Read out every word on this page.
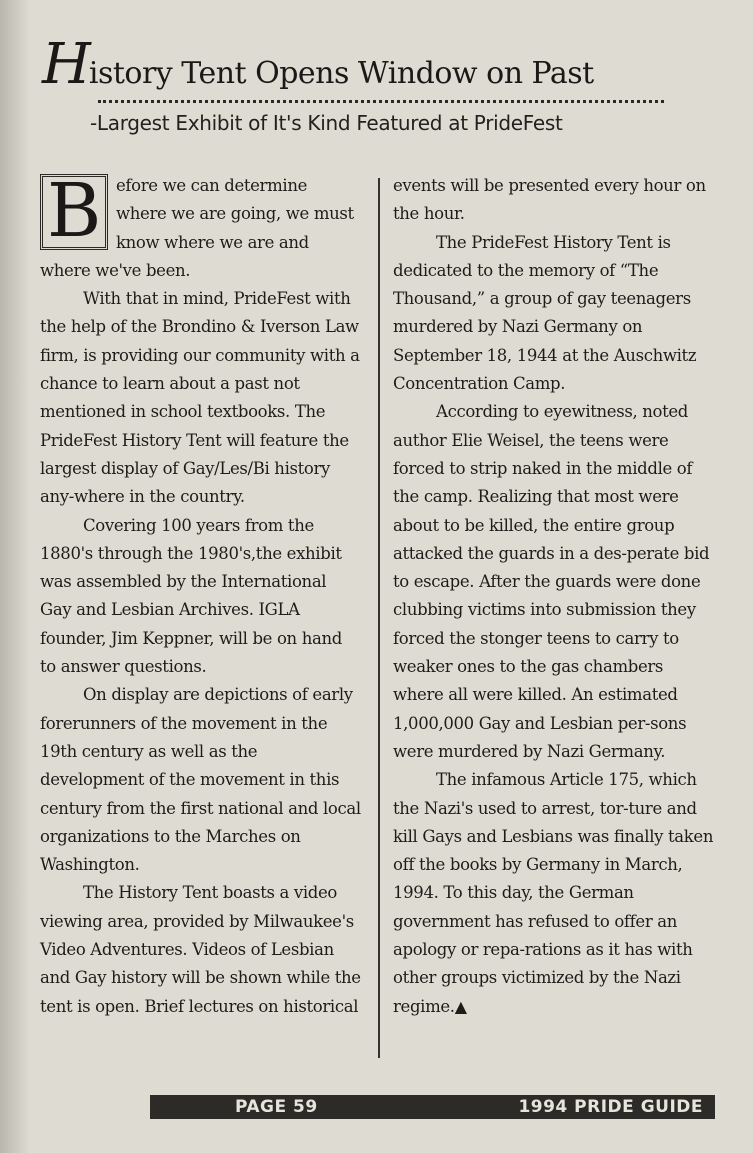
History Tent Opens Window on Past
-Largest Exhibit of It's Kind Featured at PrideFest

B efore we can determine where we are going, we must know where we are and where we've been.

With that in mind, PrideFest with the help of the Brondino & Iverson Law firm, is providing our community with a chance to learn about a past not mentioned in school textbooks. The PrideFest History Tent will feature the largest display of Gay/Les/Bi history any-where in the country.

Covering 100 years from the 1880's through the 1980's,the exhibit was assembled by the International Gay and Lesbian Archives. IGLA founder, Jim Keppner, will be on hand to answer questions.

On display are depictions of early forerunners of the movement in the 19th century as well as the development of the movement in this century from the first national and local organizations to the Marches on Washington.

The History Tent boasts a video viewing area, provided by Milwaukee's Video Adventures. Videos of Lesbian and Gay history will be shown while the tent is open. Brief lectures on historical

events will be presented every hour on the hour.

The PrideFest History Tent is dedicated to the memory of “The Thousand,” a group of gay teenagers murdered by Nazi Germany on September 18, 1944 at the Auschwitz Concentration Camp.

According to eyewitness, noted author Elie Weisel, the teens were forced to strip naked in the middle of the camp. Realizing that most were about to be killed, the entire group attacked the guards in a des-perate bid to escape. After the guards were done clubbing victims into submission they forced the stonger teens to carry to weaker ones to the gas chambers where all were killed. An estimated 1,000,000 Gay and Lesbian per-sons were murdered by Nazi Germany.

The infamous Article 175, which the Nazi's used to arrest, tor-ture and kill Gays and Lesbians was finally taken off the books by Germany in March, 1994. To this day, the German government has refused to offer an apology or repa-rations as it has with other groups victimized by the Nazi regime.▲

PAGE 59	1994 PRIDE GUIDE
